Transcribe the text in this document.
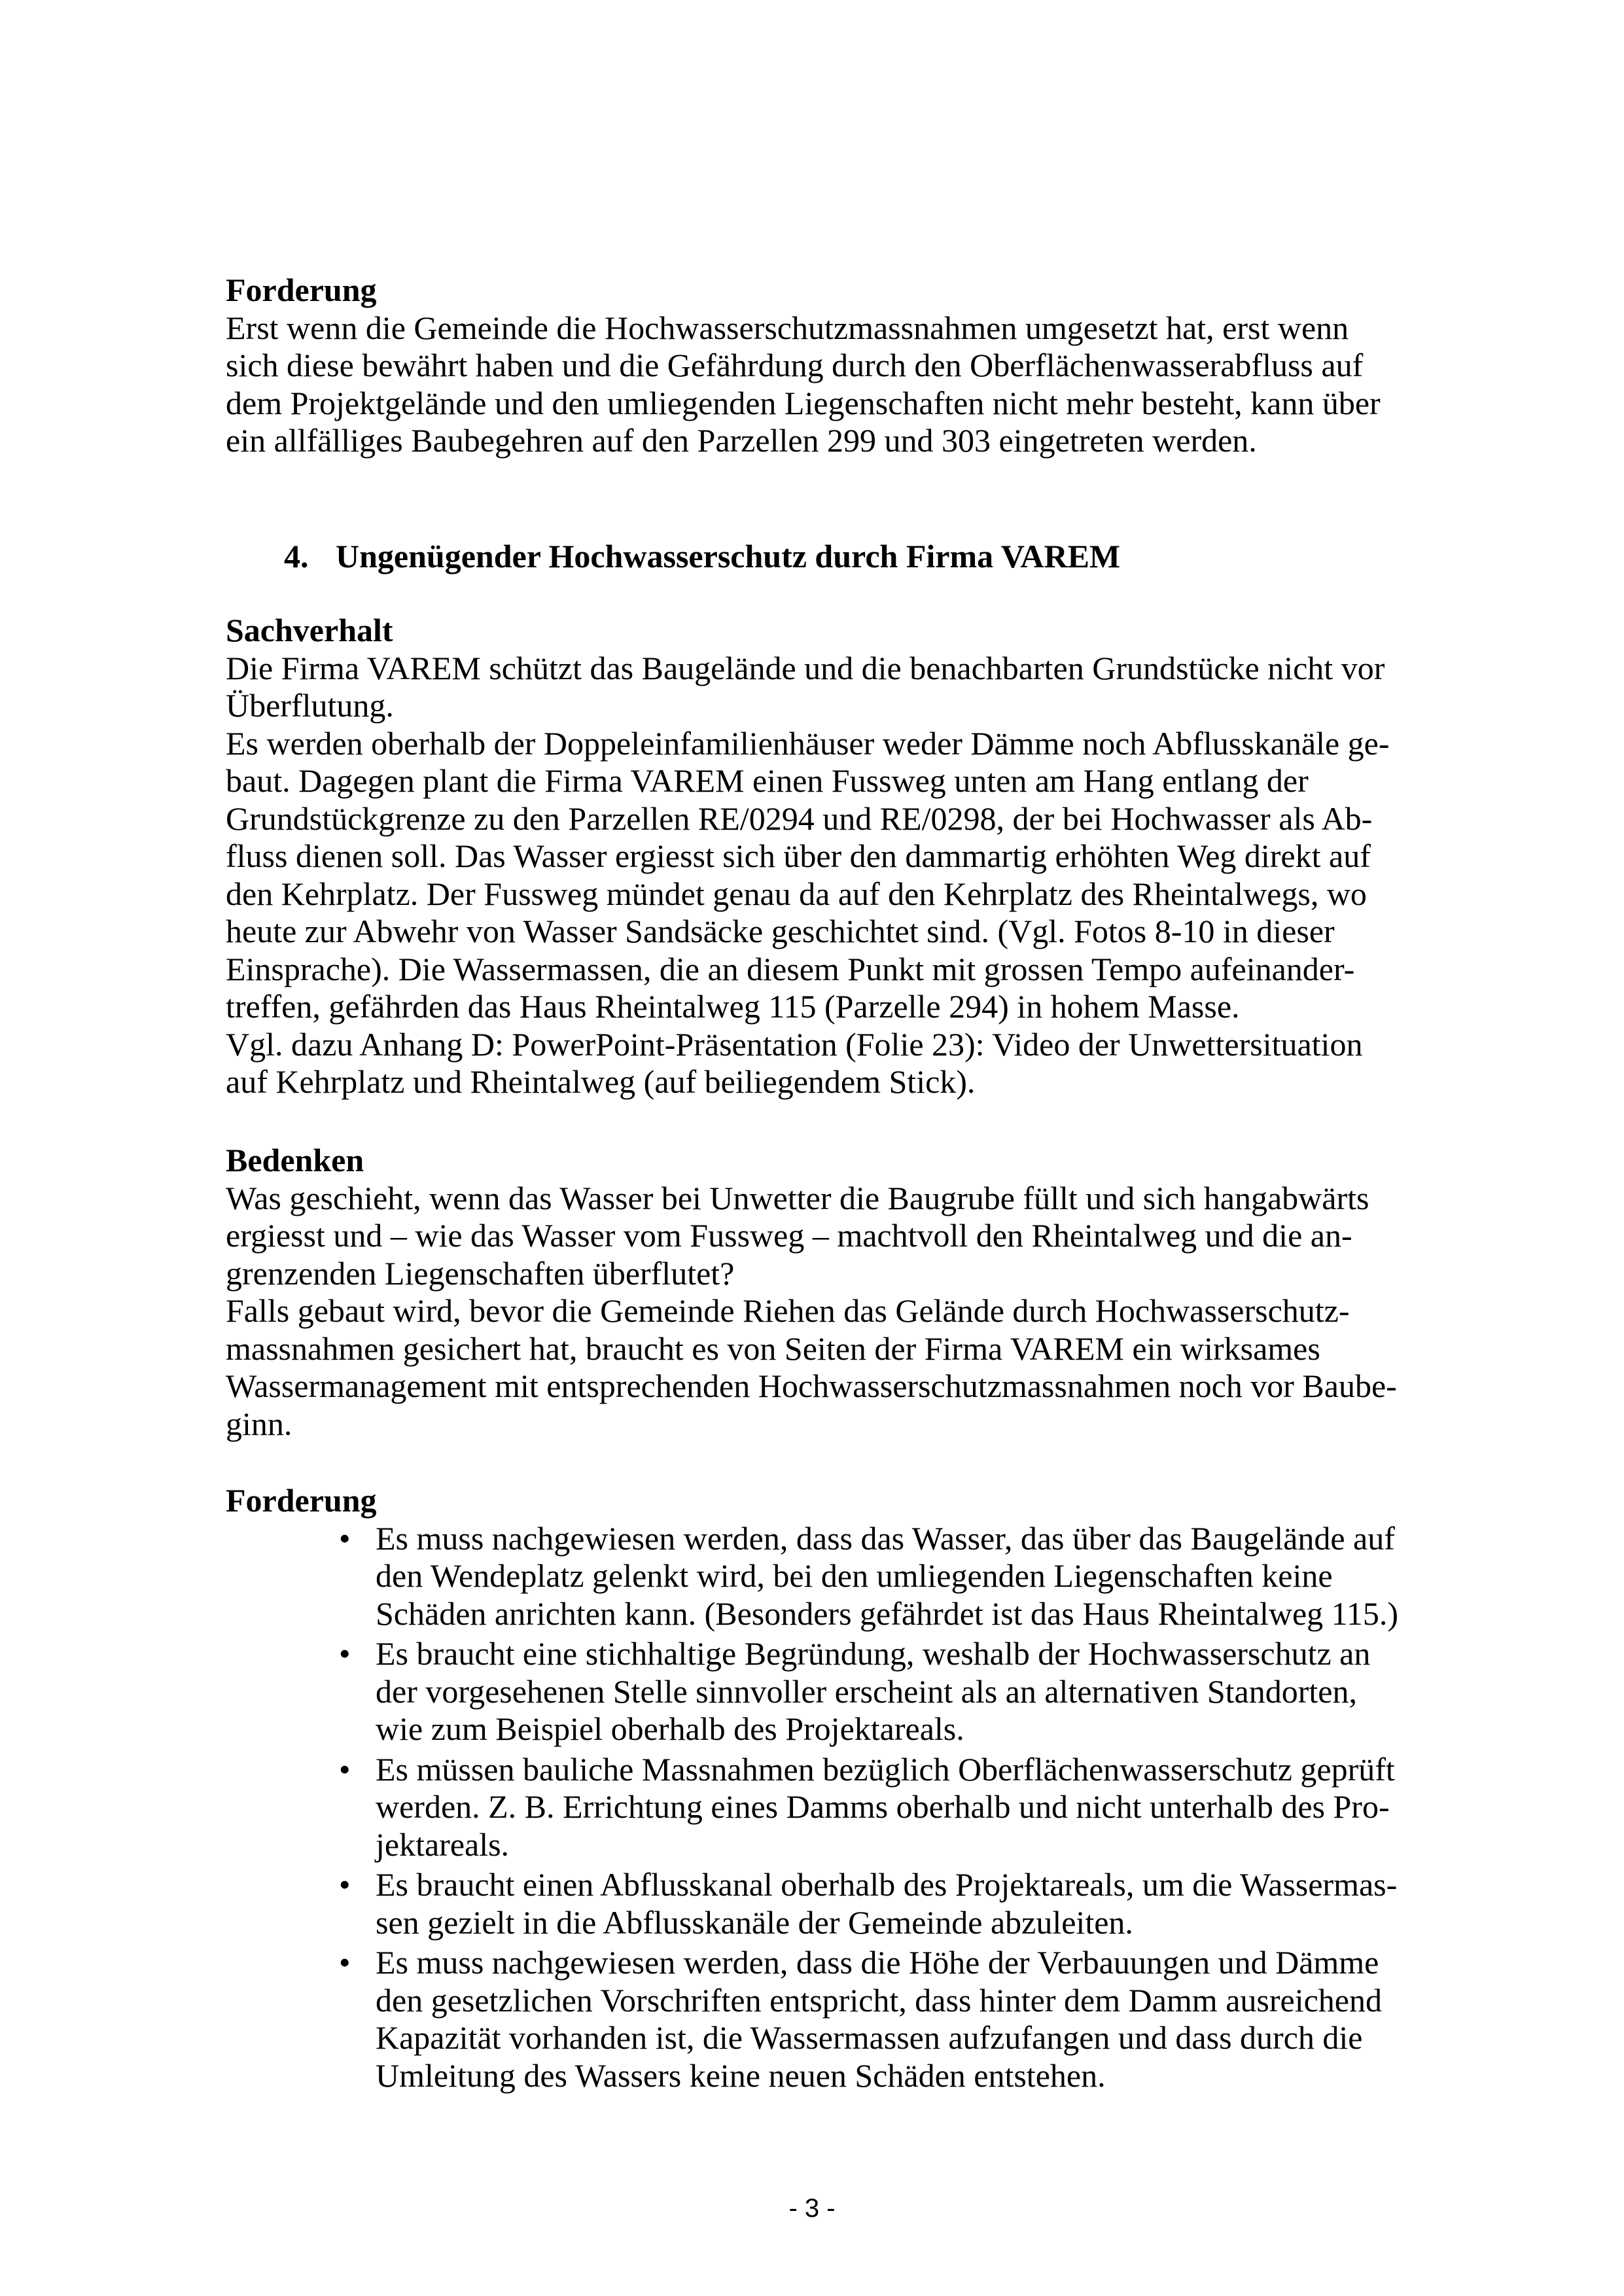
Forderung
Erst wenn die Gemeinde die Hochwasserschutzmassnahmen umgesetzt hat, erst wenn
sich diese bewährt haben und die Gefährdung durch den Oberflächenwasserabfluss auf
dem Projektgelände und den umliegenden Liegenschaften nicht mehr besteht, kann über
ein allfälliges Baubegehren auf den Parzellen 299 und 303 eingetreten werden.
4. Ungenügender Hochwasserschutz durch Firma VAREM
Sachverhalt
Die Firma VAREM schützt das Baugelände und die benachbarten Grundstücke nicht vor
Überflutung.
Es werden oberhalb der Doppeleinfamilienhäuser weder Dämme noch Abflusskanäle ge-
baut. Dagegen plant die Firma VAREM einen Fussweg unten am Hang entlang der
Grundstückgrenze zu den Parzellen RE/0294 und RE/0298, der bei Hochwasser als Ab-
fluss dienen soll. Das Wasser ergiesst sich über den dammartig erhöhten Weg direkt auf
den Kehrplatz. Der Fussweg mündet genau da auf den Kehrplatz des Rheintalwegs, wo
heute zur Abwehr von Wasser Sandsäcke geschichtet sind. (Vgl. Fotos 8-10 in dieser
Einsprache). Die Wassermassen, die an diesem Punkt mit grossen Tempo aufeinander-
treffen, gefährden das Haus Rheintalweg 115 (Parzelle 294) in hohem Masse.
Vgl. dazu Anhang D: PowerPoint-Präsentation (Folie 23): Video der Unwettersituation
auf Kehrplatz und Rheintalweg (auf beiliegendem Stick).
Bedenken
Was geschieht, wenn das Wasser bei Unwetter die Baugrube füllt und sich hangabwärts
ergiesst und – wie das Wasser vom Fussweg – machtvoll den Rheintalweg und die an-
grenzenden Liegenschaften überflutet?
Falls gebaut wird, bevor die Gemeinde Riehen das Gelände durch Hochwasserschutz-
massnahmen gesichert hat, braucht es von Seiten der Firma VAREM ein wirksames
Wassermanagement mit entsprechenden Hochwasserschutzmassnahmen noch vor Baube-
ginn.
Forderung
• Es muss nachgewiesen werden, dass das Wasser, das über das Baugelände auf
den Wendeplatz gelenkt wird, bei den umliegenden Liegenschaften keine
Schäden anrichten kann. (Besonders gefährdet ist das Haus Rheintalweg 115.)
• Es braucht eine stichhaltige Begründung, weshalb der Hochwasserschutz an
der vorgesehenen Stelle sinnvoller erscheint als an alternativen Standorten,
wie zum Beispiel oberhalb des Projektareals.
• Es müssen bauliche Massnahmen bezüglich Oberflächenwasserschutz geprüft
werden. Z. B. Errichtung eines Damms oberhalb und nicht unterhalb des Pro-
jektareals.
• Es braucht einen Abflusskanal oberhalb des Projektareals, um die Wassermas-
sen gezielt in die Abflusskanäle der Gemeinde abzuleiten.
• Es muss nachgewiesen werden, dass die Höhe der Verbauungen und Dämme
den gesetzlichen Vorschriften entspricht, dass hinter dem Damm ausreichend
Kapazität vorhanden ist, die Wassermassen aufzufangen und dass durch die
Umleitung des Wassers keine neuen Schäden entstehen.
- 3 -
